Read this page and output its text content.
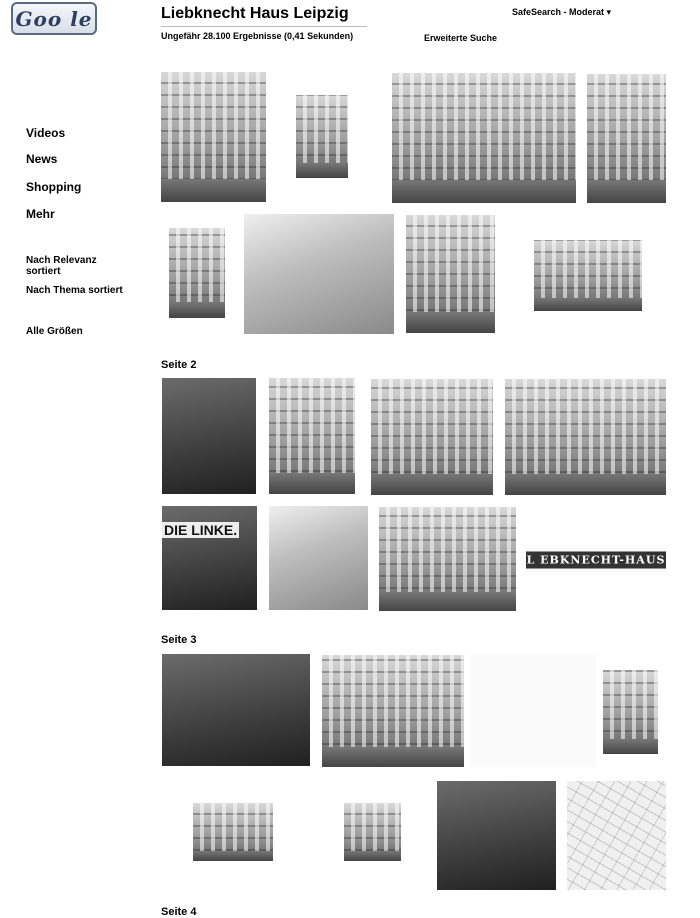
Goo le	Liebknecht Haus Leipzig
Ungefähr 28.100 Ergebnisse (0,41 Sekunden)	Erweiterte Suche
SafeSearch - Moderat ▾
Videos
News
Shopping
Mehr
Nach Relevanz sortiert
Nach Thema sortiert
Alle Größen
Seite 2
DIE LINKE.
L EBKNECHT-HAUS
Seite 3
Seite 4
